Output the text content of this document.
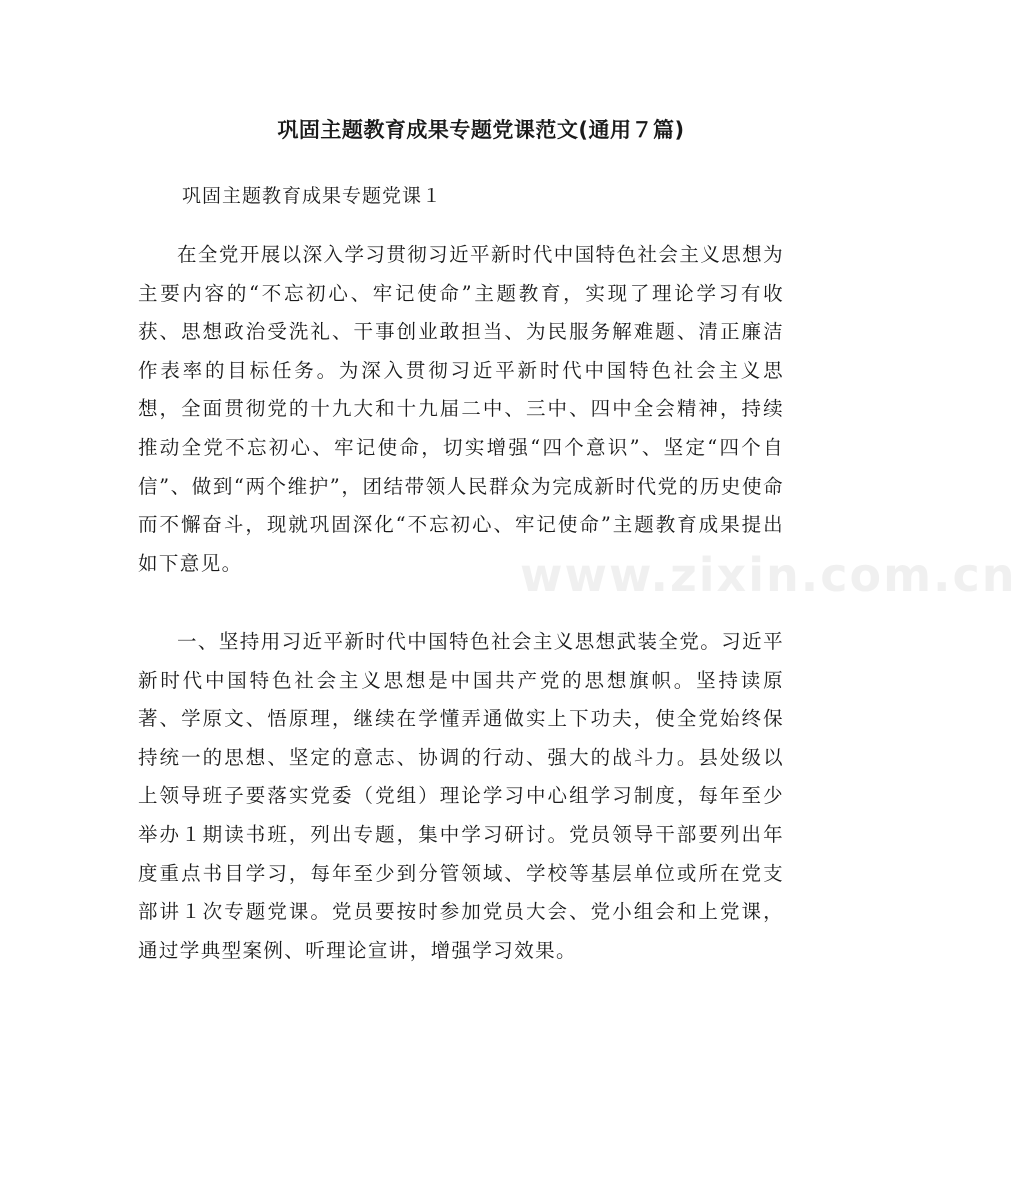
巩固主题教育成果专题党课范文(通用７篇)

巩固主题教育成果专题党课１

在全党开展以深入学习贯彻习近平新时代中国特色社会主义思想为主要内容的“不忘初心、牢记使命”主题教育，实现了理论学习有收获、思想政治受洗礼、干事创业敢担当、为民服务解难题、清正廉洁作表率的目标任务。为深入贯彻习近平新时代中国特色社会主义思想，全面贯彻党的十九大和十九届二中、三中、四中全会精神，持续推动全党不忘初心、牢记使命，切实增强“四个意识”、坚定“四个自信”、做到“两个维护”，团结带领人民群众为完成新时代党的历史使命而不懈奋斗，现就巩固深化“不忘初心、牢记使命”主题教育成果提出如下意见。

一、坚持用习近平新时代中国特色社会主义思想武装全党。习近平新时代中国特色社会主义思想是中国共产党的思想旗帜。坚持读原著、学原文、悟原理，继续在学懂弄通做实上下功夫，使全党始终保持统一的思想、坚定的意志、协调的行动、强大的战斗力。县处级以上领导班子要落实党委（党组）理论学习中心组学习制度，每年至少举办１期读书班，列出专题，集中学习研讨。党员领导干部要列出年度重点书目学习，每年至少到分管领域、学校等基层单位或所在党支部讲１次专题党课。党员要按时参加党员大会、党小组会和上党课，通过学典型案例、听理论宣讲，增强学习效果。

www.zixin.com.cn
